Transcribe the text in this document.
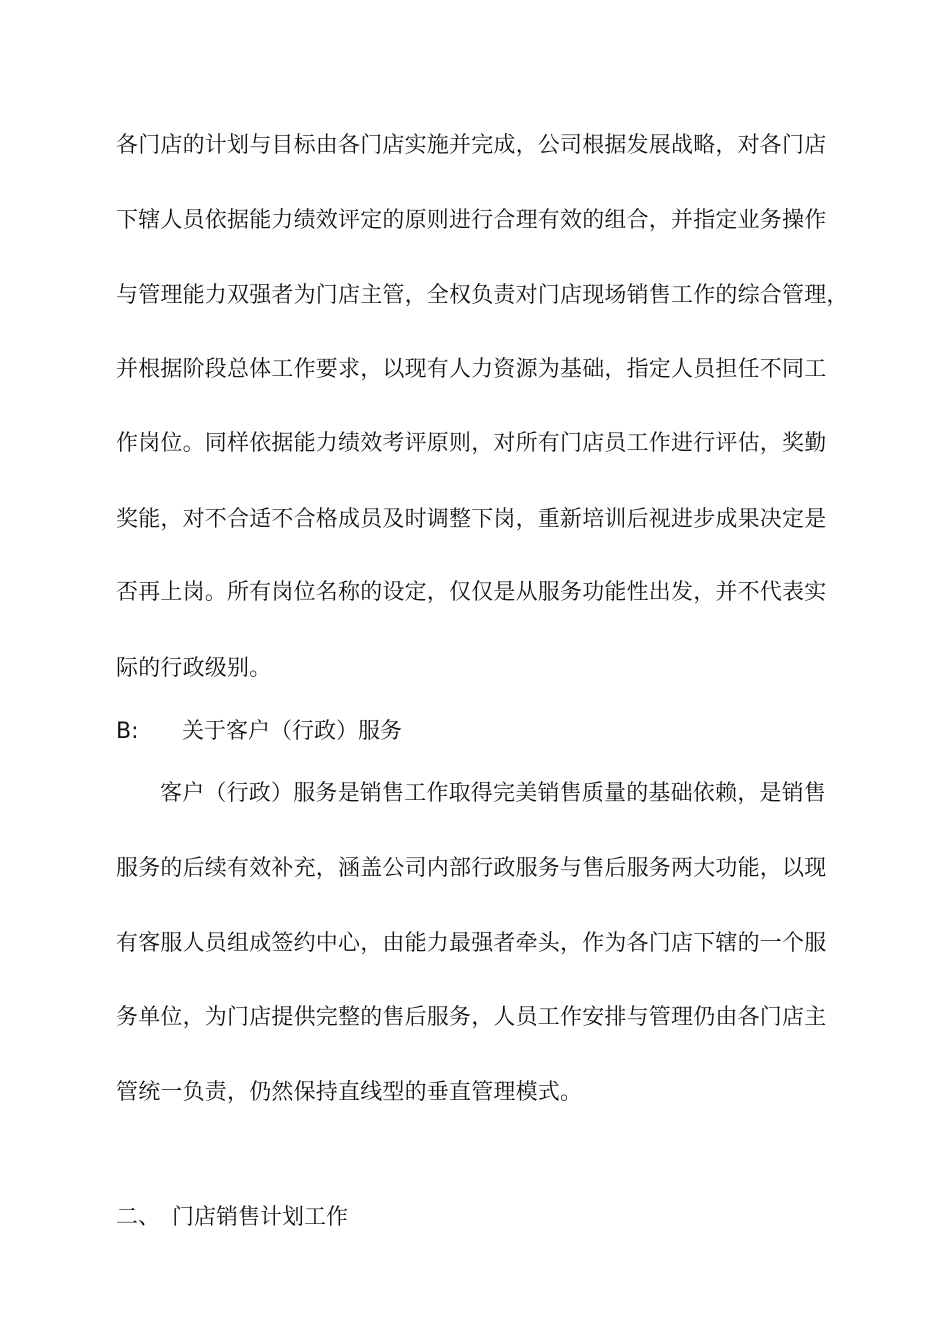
各门店的计划与目标由各门店实施并完成，公司根据发展战略，对各门店
下辖人员依据能力绩效评定的原则进行合理有效的组合，并指定业务操作
与管理能力双强者为门店主管，全权负责对门店现场销售工作的综合管理，
并根据阶段总体工作要求，以现有人力资源为基础，指定人员担任不同工
作岗位。同样依据能力绩效考评原则，对所有门店员工作进行评估，奖勤
奖能，对不合适不合格成员及时调整下岗，重新培训后视进步成果决定是
否再上岗。所有岗位名称的设定，仅仅是从服务功能性出发，并不代表实
际的行政级别。
B: 关于客户（行政）服务
客户（行政）服务是销售工作取得完美销售质量的基础依赖，是销售
服务的后续有效补充，涵盖公司内部行政服务与售后服务两大功能，以现
有客服人员组成签约中心，由能力最强者牵头，作为各门店下辖的一个服
务单位，为门店提供完整的售后服务，人员工作安排与管理仍由各门店主
管统一负责，仍然保持直线型的垂直管理模式。
二、 门店销售计划工作
